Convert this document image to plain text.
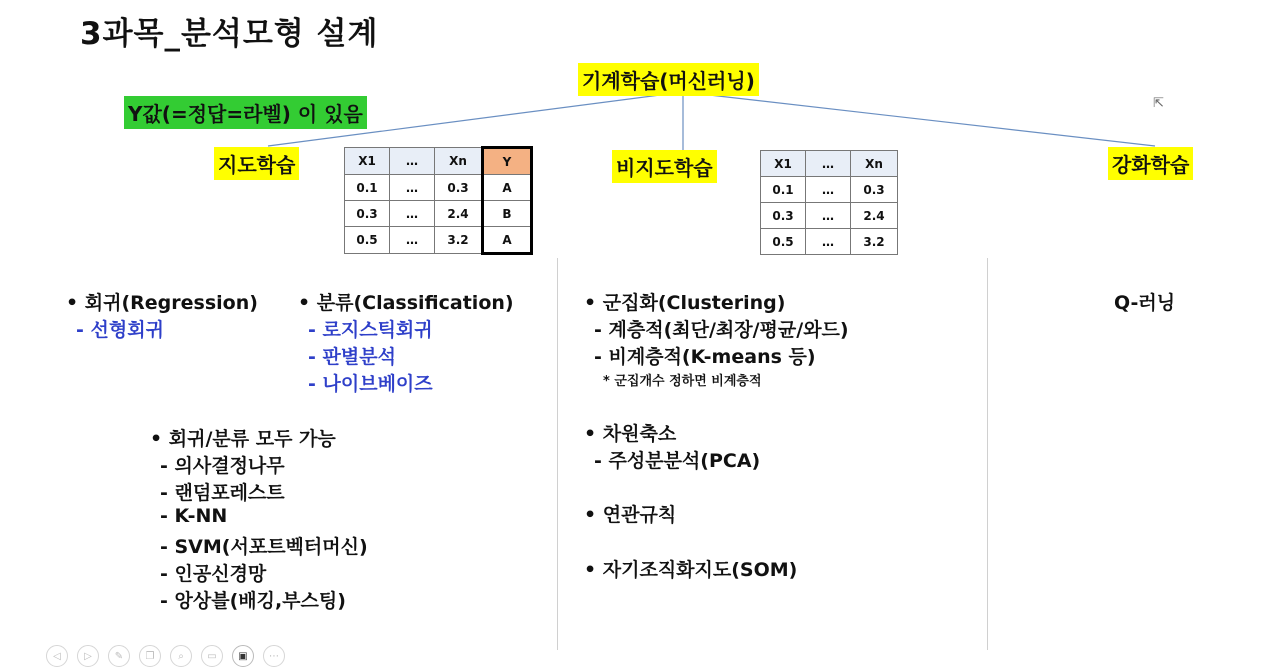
3과목_분석모형 설계
기계학습(머신러닝)
Y값(=정답=라벨) 이 있음
지도학습	비지도학습	강화학습
X1	…	Xn	Y
0.1	…	0.3	A
0.3	…	2.4	B
0.5	…	3.2	A
X1	…	Xn
0.1	…	0.3
0.3	…	2.4
0.5	…	3.2
• 회귀(Regression)
- 선형회귀
• 분류(Classification)
- 로지스틱회귀
- 판별분석
- 나이브베이즈
• 회귀/분류 모두 가능
- 의사결정나무
- 랜덤포레스트
- K-NN
- SVM(서포트벡터머신)
- 인공신경망
- 앙상블(배깅,부스팅)
• 군집화(Clustering)
- 계층적(최단/최장/평균/와드)
- 비계층적(K-means 등)
* 군집개수 정하면 비계층적
• 차원축소
- 주성분분석(PCA)
• 연관규칙
• 자기조직화지도(SOM)
Q-러닝
⇱
◁	▷	✎	❐	⌕	▭	▣	⋯
